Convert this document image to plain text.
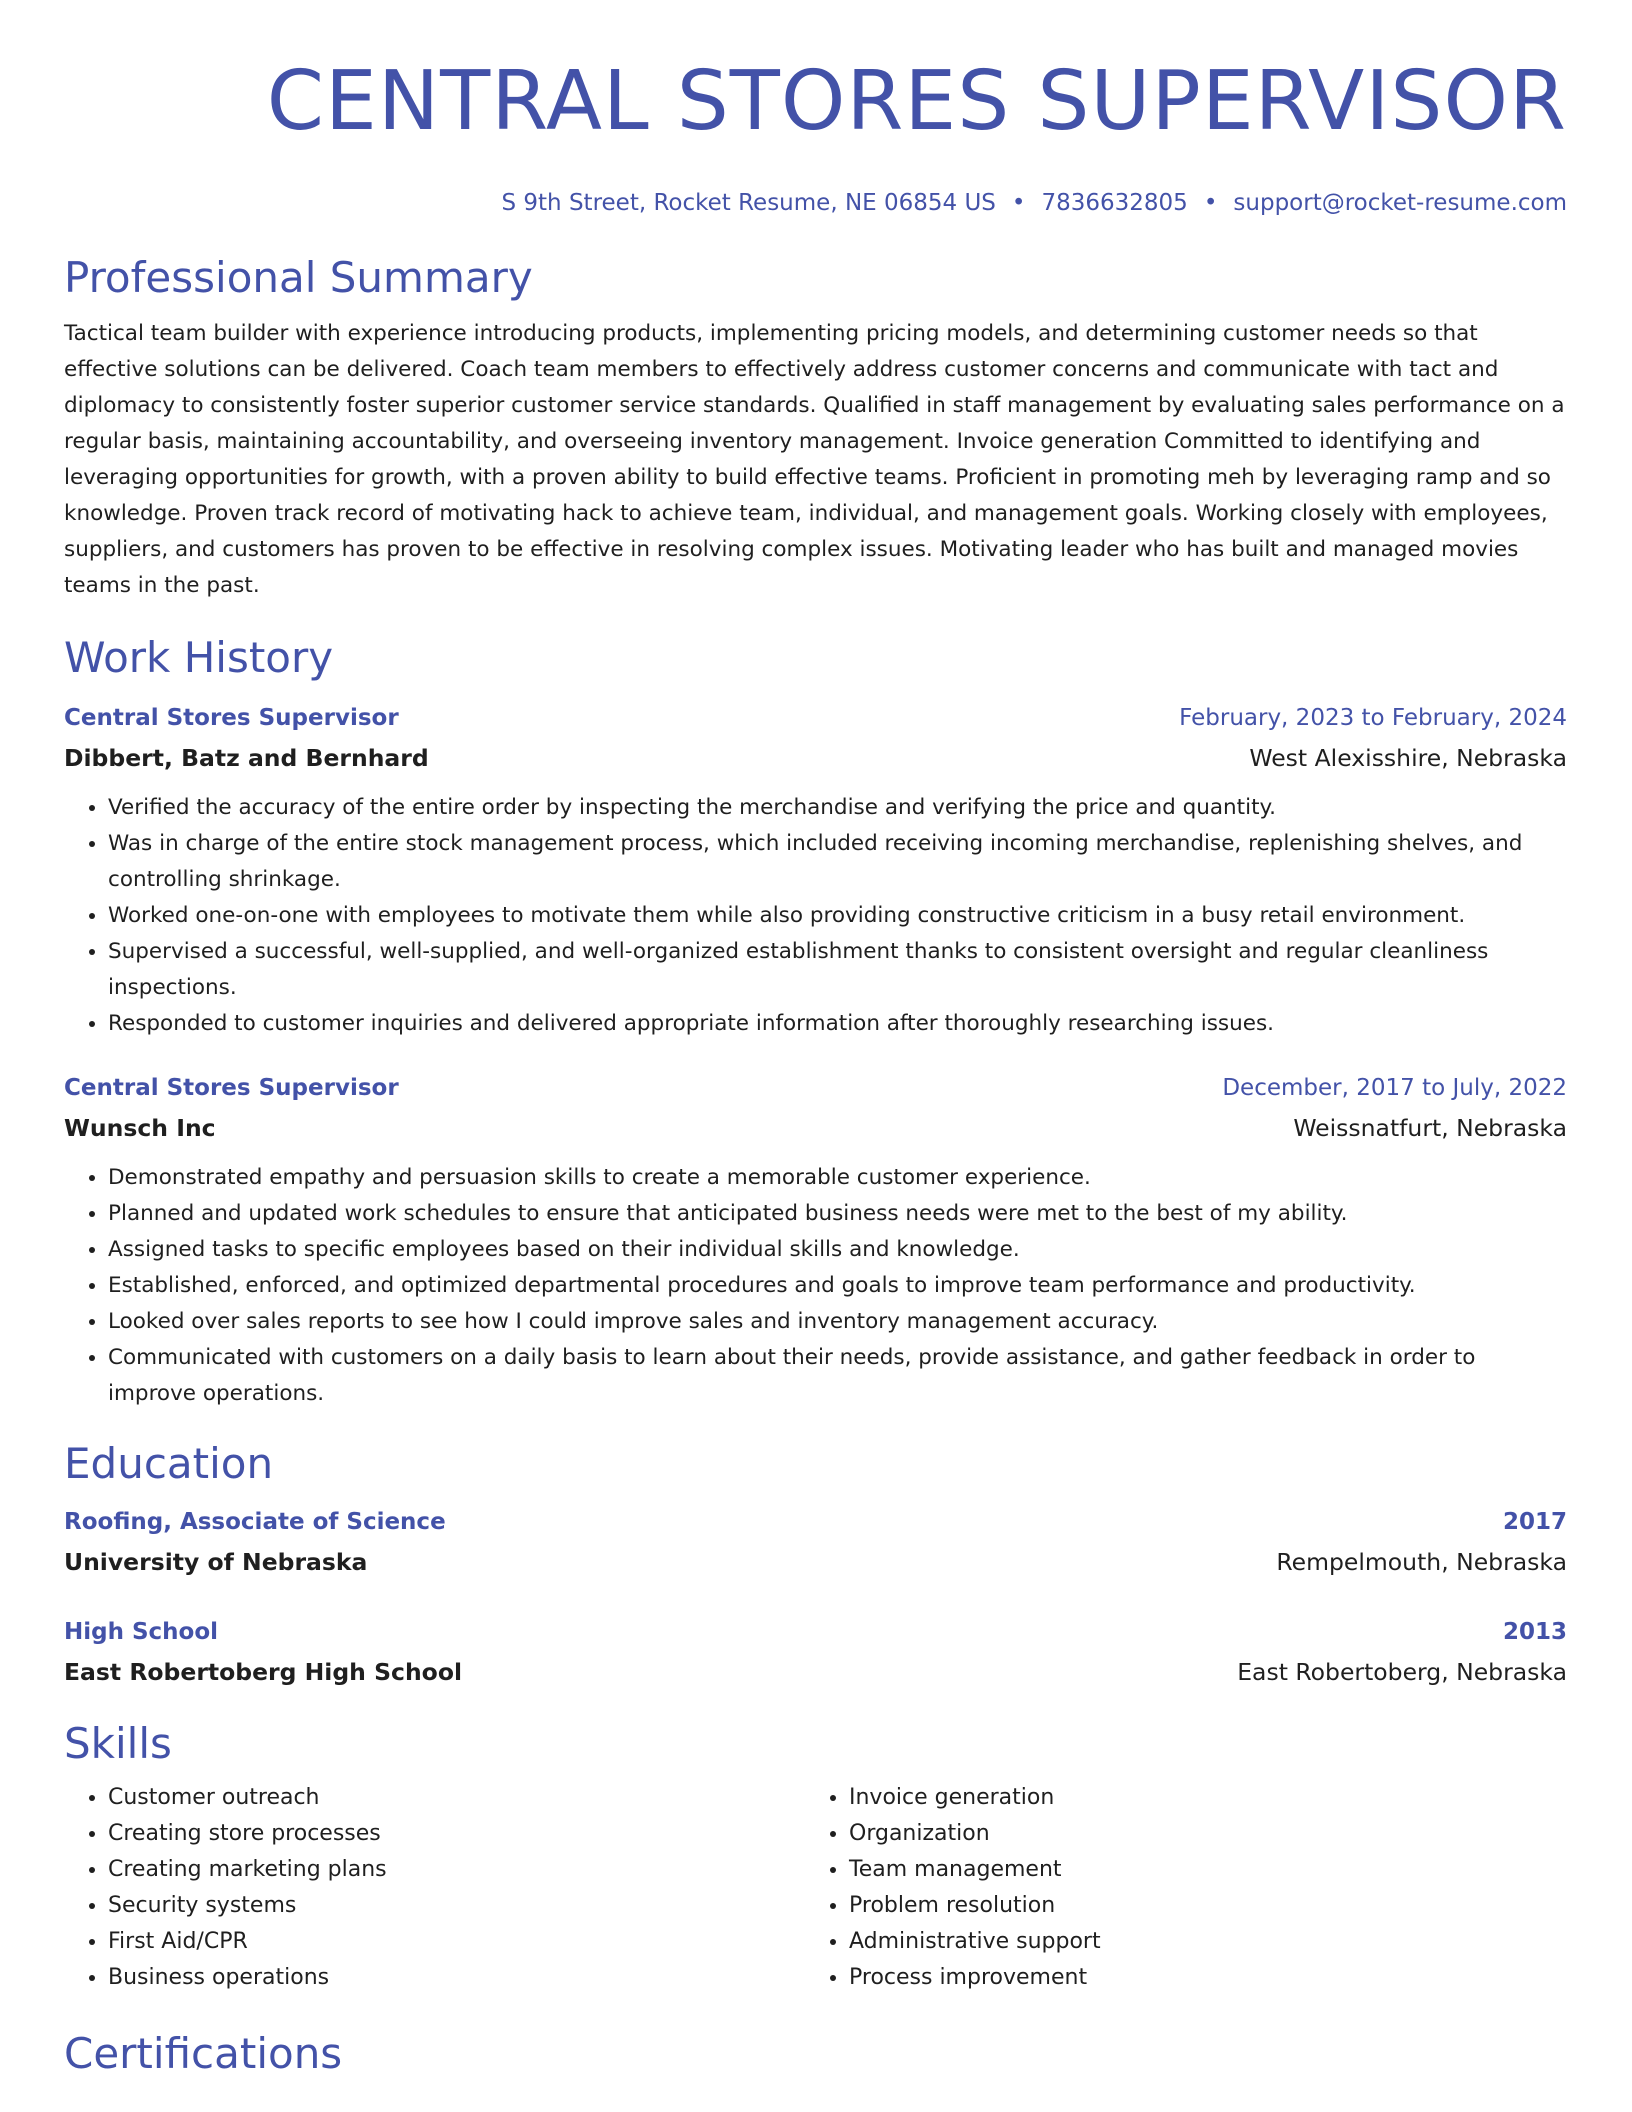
CENTRAL STORES SUPERVISOR
S 9th Street, Rocket Resume, NE 06854 US • 7836632805 • support@rocket-resume.com
Professional Summary
Tactical team builder with experience introducing products, implementing pricing models, and determining customer needs so that effective solutions can be delivered. Coach team members to effectively address customer concerns and communicate with tact and diplomacy to consistently foster superior customer service standards. Qualified in staff management by evaluating sales performance on a regular basis, maintaining accountability, and overseeing inventory management. Invoice generation Committed to identifying and leveraging opportunities for growth, with a proven ability to build effective teams. Proficient in promoting meh by leveraging ramp and so knowledge. Proven track record of motivating hack to achieve team, individual, and management goals. Working closely with employees, suppliers, and customers has proven to be effective in resolving complex issues. Motivating leader who has built and managed movies teams in the past.
Work History
Central Stores Supervisor	February, 2023 to February, 2024
Dibbert, Batz and Bernhard	West Alexisshire, Nebraska
• Verified the accuracy of the entire order by inspecting the merchandise and verifying the price and quantity.
• Was in charge of the entire stock management process, which included receiving incoming merchandise, replenishing shelves, and controlling shrinkage.
• Worked one-on-one with employees to motivate them while also providing constructive criticism in a busy retail environment.
• Supervised a successful, well-supplied, and well-organized establishment thanks to consistent oversight and regular cleanliness inspections.
• Responded to customer inquiries and delivered appropriate information after thoroughly researching issues.
Central Stores Supervisor	December, 2017 to July, 2022
Wunsch Inc	Weissnatfurt, Nebraska
• Demonstrated empathy and persuasion skills to create a memorable customer experience.
• Planned and updated work schedules to ensure that anticipated business needs were met to the best of my ability.
• Assigned tasks to specific employees based on their individual skills and knowledge.
• Established, enforced, and optimized departmental procedures and goals to improve team performance and productivity.
• Looked over sales reports to see how I could improve sales and inventory management accuracy.
• Communicated with customers on a daily basis to learn about their needs, provide assistance, and gather feedback in order to improve operations.
Education
Roofing, Associate of Science	2017
University of Nebraska	Rempelmouth, Nebraska
High School	2013
East Robertoberg High School	East Robertoberg, Nebraska
Skills
• Customer outreach
• Creating store processes
• Creating marketing plans
• Security systems
• First Aid/CPR
• Business operations
• Invoice generation
• Organization
• Team management
• Problem resolution
• Administrative support
• Process improvement
Certifications
